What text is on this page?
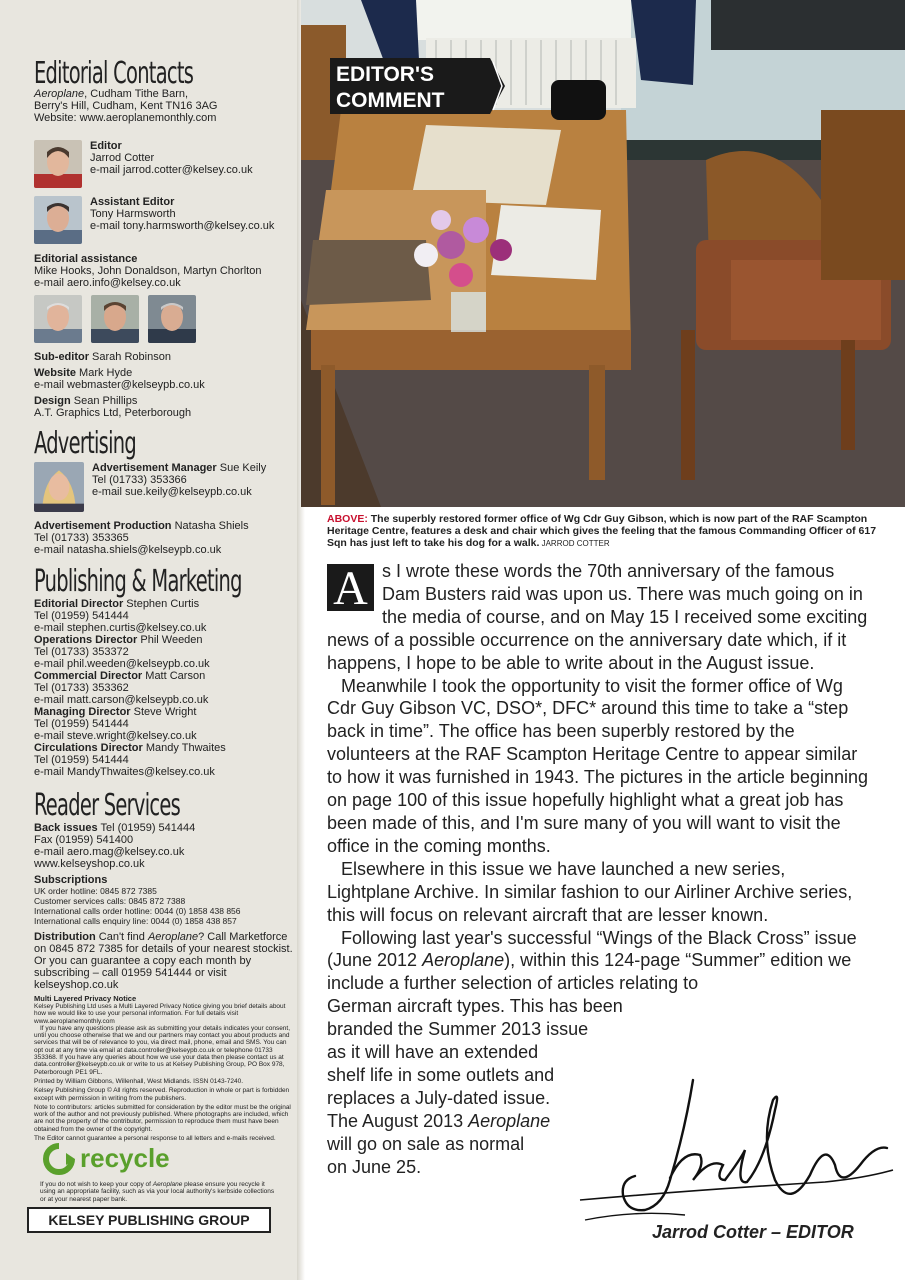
Editorial Contacts
Aeroplane, Cudham Tithe Barn,
Berry's Hill, Cudham, Kent TN16 3AG
Website: www.aeroplanemonthly.com
Editor
Jarrod Cotter
e-mail jarrod.cotter@kelsey.co.uk
Assistant Editor
Tony Harmsworth
e-mail tony.harmsworth@kelsey.co.uk
Editorial assistance
Mike Hooks, John Donaldson, Martyn Chorlton
e-mail aero.info@kelsey.co.uk
Sub-editor Sarah Robinson
Website Mark Hyde
e-mail webmaster@kelseypb.co.uk
Design Sean Phillips
A.T. Graphics Ltd, Peterborough
Advertising
Advertisement Manager Sue Keily
Tel (01733) 353366
e-mail sue.keily@kelseypb.co.uk
Advertisement Production Natasha Shiels
Tel (01733) 353365
e-mail natasha.shiels@kelseypb.co.uk
Publishing & Marketing
Editorial Director Stephen Curtis
Tel (01959) 541444
e-mail stephen.curtis@kelsey.co.uk
Operations Director Phil Weeden
Tel (01733) 353372
e-mail phil.weeden@kelseypb.co.uk
Commercial Director Matt Carson
Tel (01733) 353362
e-mail matt.carson@kelseypb.co.uk
Managing Director Steve Wright
Tel (01959) 541444
e-mail steve.wright@kelsey.co.uk
Circulations Director Mandy Thwaites
Tel (01959) 541444
e-mail MandyThwaites@kelsey.co.uk
Reader Services
Back issues Tel (01959) 541444
Fax (01959) 541400
e-mail aero.mag@kelsey.co.uk
www.kelseyshop.co.uk
Subscriptions
UK order hotline: 0845 872 7385
Customer services calls: 0845 872 7388
International calls order hotline: 0044 (0) 1858 438 856
International calls enquiry line: 0044 (0) 1858 438 857
Distribution Can't find Aeroplane? Call Marketforce on 0845 872 7385 for details of your nearest stockist. Or you can guarantee a copy each month by subscribing – call 01959 541444 or visit kelseyshop.co.uk
Multi Layered Privacy Notice
Kelsey Publishing Ltd uses a Multi Layered Privacy Notice giving you brief details about how we would like to use your personal information. For full details visit www.aeroplanemonthly.com
If you have any questions please ask as submitting your details indicates your consent, until you choose otherwise that we and our partners may contact you about products and services that will be of relevance to you, via direct mail, phone, email and SMS. You can opt out at any time via email at data.controller@kelseypb.co.uk or telephone 01733 353368. If you have any queries about how we use your data then please contact us at data.controller@kelseypb.co.uk or write to us at Kelsey Publishing Group, PO Box 978, Peterborough PE1 9FL.
Printed by William Gibbons, Willenhall, West Midlands. ISSN 0143-7240.
Kelsey Publishing Group © All rights reserved. Reproduction in whole or part is forbidden except with permission in writing from the publishers.
Note to contributors: articles submitted for consideration by the editor must be the original work of the author and not previously published. Where photographs are included, which are not the property of the contributor, permission to reproduce them must have been obtained from the owner of the copyright.
The Editor cannot guarantee a personal response to all letters and e-mails received.
recycle
If you do not wish to keep your copy of Aeroplane please ensure you recycle it using an appropriate facility, such as via your local authority's kerbside collections or at your nearest paper bank.
KELSEY PUBLISHING GROUP
EDITOR'S
COMMENT
ABOVE: The superbly restored former office of Wg Cdr Guy Gibson, which is now part of the RAF Scampton Heritage Centre, features a desk and chair which gives the feeling that the famous Commanding Officer of 617 Sqn has just left to take his dog for a walk. JARROD COTTER

A s I wrote these words the 70th anniversary of the famous Dam Busters raid was upon us. There was much going on in the media of course, and on May 15 I received some exciting news of a possible occurrence on the anniversary date which, if it happens, I hope to be able to write about in the August issue.

Meanwhile I took the opportunity to visit the former office of Wg Cdr Guy Gibson VC, DSO*, DFC* around this time to take a “step back in time”. The office has been superbly restored by the volunteers at the RAF Scampton Heritage Centre to appear similar to how it was furnished in 1943. The pictures in the article beginning on page 100 of this issue hopefully highlight what a great job has been made of this, and I'm sure many of you will want to visit the office in the coming months.

Elsewhere in this issue we have launched a new series, Lightplane Archive. In similar fashion to our Airliner Archive series, this will focus on relevant aircraft that are lesser known.

Following last year's successful “Wings of the Black Cross” issue (June 2012 Aeroplane), within this 124-page “Summer” edition we include a further selection of articles relating to

German aircraft types. This has been
branded the Summer 2013 issue
as it will have an extended
shelf life in some outlets and
replaces a July-dated issue.
The August 2013 Aeroplane
will go on sale as normal
on June 25.
Jarrod Cotter – EDITOR
